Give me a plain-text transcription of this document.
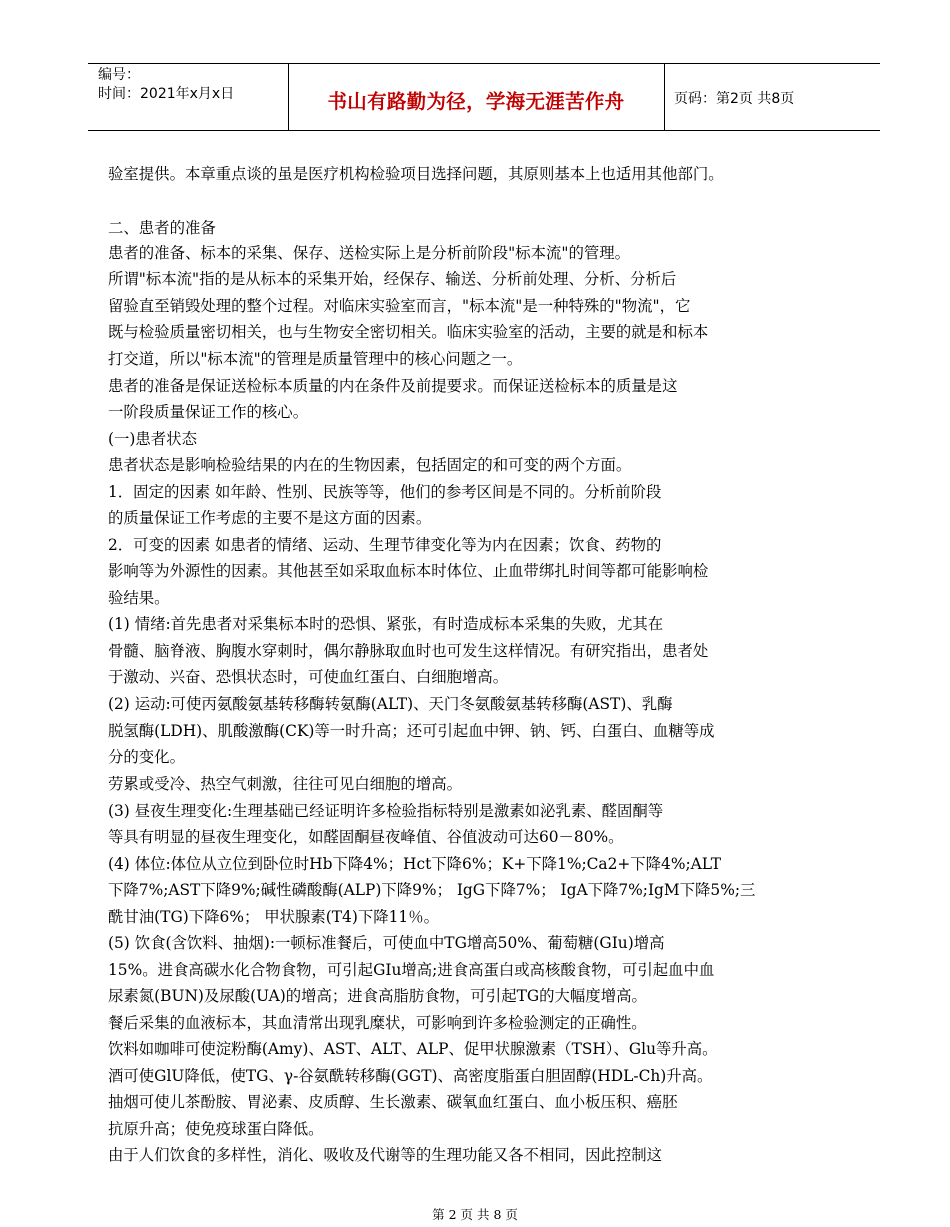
编号：
时间：2021年x月x日	书山有路勤为径，学海无涯苦作舟	页码：第2页 共8页
验室提供。本章重点谈的虽是医疗机构检验项目选择问题，其原则基本上也适用其他部门。
二、患者的准备
患者的准备、标本的采集、保存、送检实际上是分析前阶段"标本流"的管理。
所谓"标本流"指的是从标本的采集开始，经保存、输送、分析前处理、分析、分析后
留验直至销毁处理的整个过程。对临床实验室而言，"标本流"是一种特殊的"物流"，它
既与检验质量密切相关，也与生物安全密切相关。临床实验室的活动，主要的就是和标本
打交道，所以"标本流"的管理是质量管理中的核心问题之一。
患者的准备是保证送检标本质量的内在条件及前提要求。而保证送检标本的质量是这
一阶段质量保证工作的核心。
(一)患者状态
患者状态是影响检验结果的内在的生物因素，包括固定的和可变的两个方面。
1．固定的因素 如年龄、性别、民族等等，他们的参考区间是不同的。分析前阶段
的质量保证工作考虑的主要不是这方面的因素。
2．可变的因素 如患者的情绪、运动、生理节律变化等为内在因素；饮食、药物的
影响等为外源性的因素。其他甚至如采取血标本时体位、止血带绑扎时间等都可能影响检
验结果。
(1) 情绪:首先患者对采集标本时的恐惧、紧张，有时造成标本采集的失败，尤其在
骨髓、脑脊液、胸腹水穿刺时，偶尔静脉取血时也可发生这样情况。有研究指出，患者处
于激动、兴奋、恐惧状态时，可使血红蛋白、白细胞增高。
(2) 运动:可使丙氨酸氨基转移酶转氨酶(ALT)、天门冬氨酸氨基转移酶(AST)、乳酶
脱氢酶(LDH)、肌酸激酶(CK)等一时升高；还可引起血中钾、钠、钙、白蛋白、血糖等成
分的变化。
劳累或受冷、热空气刺激，往往可见白细胞的增高。
(3) 昼夜生理变化:生理基础已经证明许多检验指标特别是激素如泌乳素、醛固酮等
等具有明显的昼夜生理变化，如醛固酮昼夜峰值、谷值波动可达60－80%。
(4) 体位:体位从立位到卧位时Hb下降4%；Hct下降6%；K+下降1%;Ca2+下降4%;ALT
下降7%;AST下降9%;碱性磷酸酶(ALP)下降9%； IgG下降7%； IgA下降7%;IgM下降5%;三
酰甘油(TG)下降6%； 甲状腺素(T4)下降11％。
(5) 饮食(含饮料、抽烟):一顿标准餐后，可使血中TG增高50%、葡萄糖(GIu)增高
15%。进食高碳水化合物食物，可引起GIu增高;进食高蛋白或高核酸食物，可引起血中血
尿素氮(BUN)及尿酸(UA)的增高；进食高脂肪食物，可引起TG的大幅度增高。
餐后采集的血液标本，其血清常出现乳糜状，可影响到许多检验测定的正确性。
饮料如咖啡可使淀粉酶(Amy)、AST、ALT、ALP、促甲状腺激素（TSH）、Glu等升高。
酒可使GlU降低，使TG、γ-谷氨酰转移酶(GGT)、高密度脂蛋白胆固醇(HDL-Ch)升高。
抽烟可使儿茶酚胺、胃泌素、皮质醇、生长激素、碳氧血红蛋白、血小板压积、癌胚
抗原升高；使免疫球蛋白降低。
由于人们饮食的多样性，消化、吸收及代谢等的生理功能又各不相同，因此控制这
第 2 页 共 8 页
